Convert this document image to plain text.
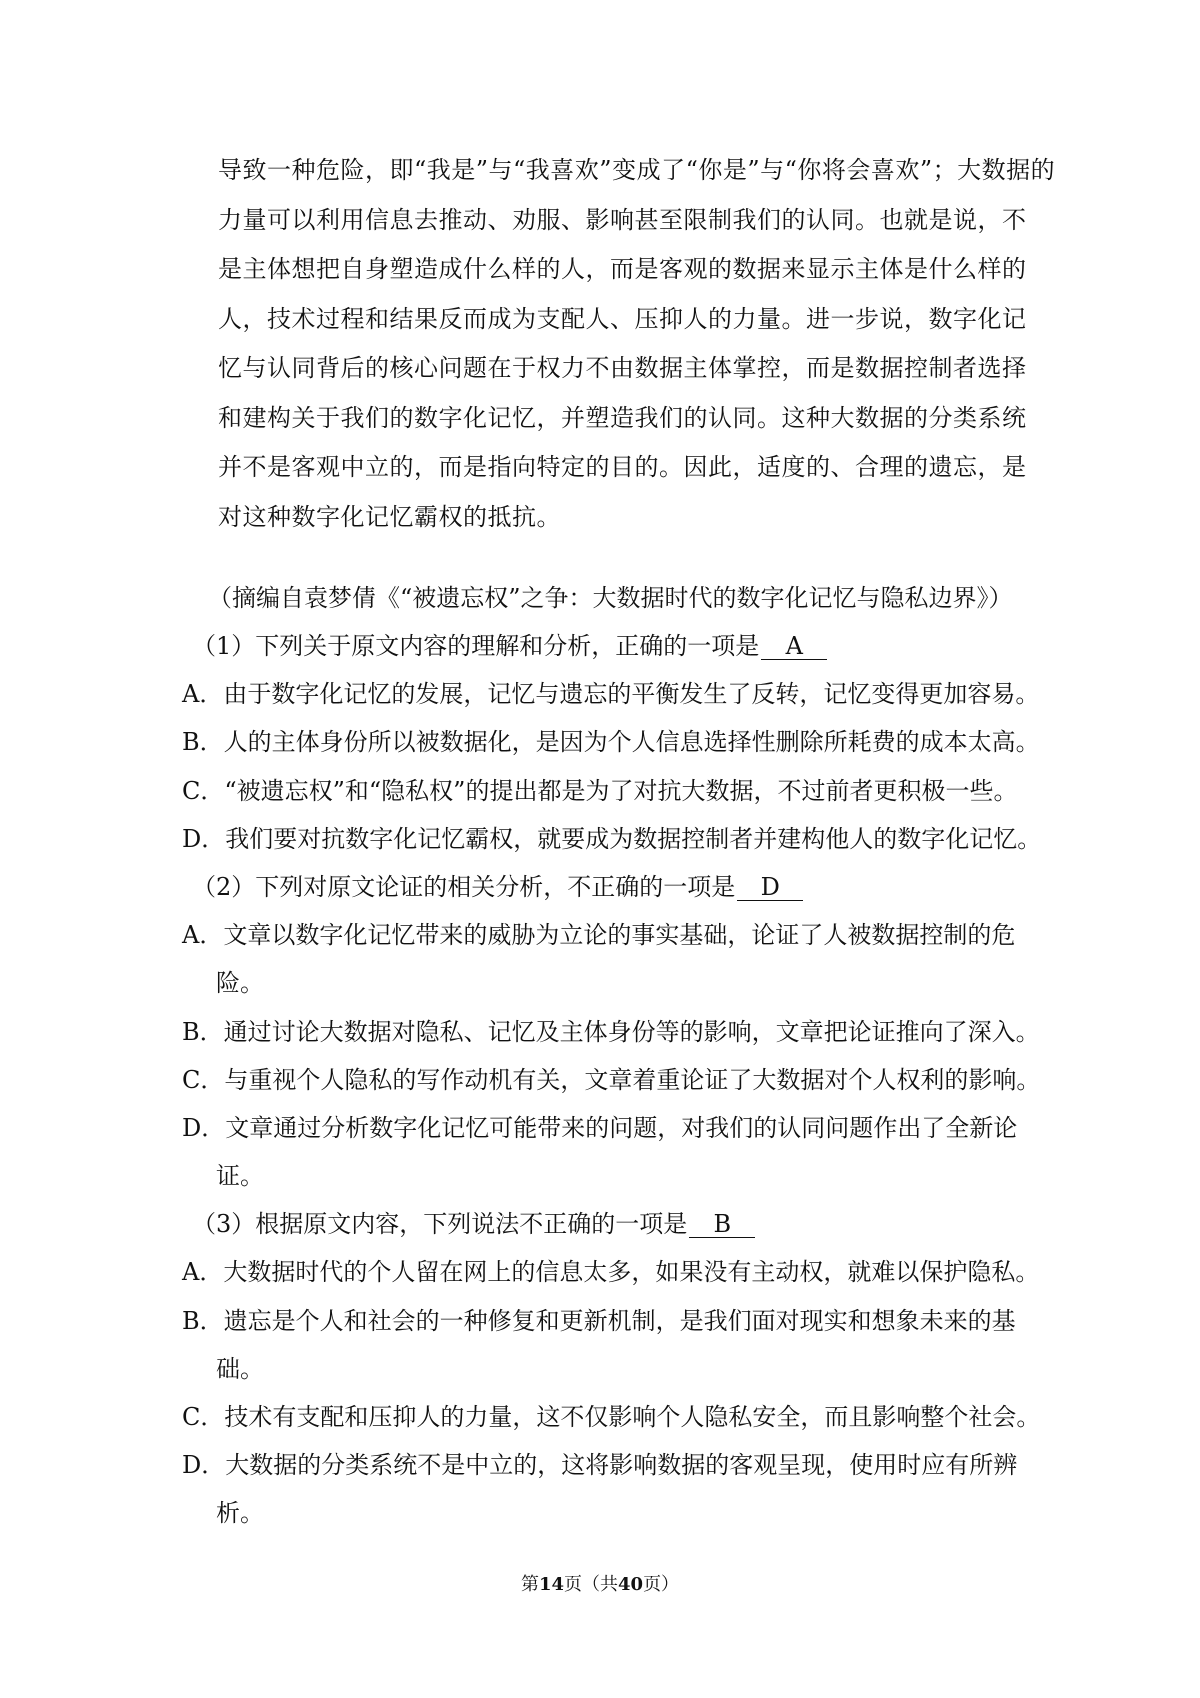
导致一种危险，即“我是”与“我喜欢”变成了“你是”与“你将会喜欢”；大数据的
力量可以利用信息去推动、劝服、影响甚至限制我们的认同。也就是说，不
是主体想把自身塑造成什么样的人，而是客观的数据来显示主体是什么样的
人，技术过程和结果反而成为支配人、压抑人的力量。进一步说，数字化记
忆与认同背后的核心问题在于权力不由数据主体掌控，而是数据控制者选择
和建构关于我们的数字化记忆，并塑造我们的认同。这种大数据的分类系统
并不是客观中立的，而是指向特定的目的。因此，适度的、合理的遗忘，是
对这种数字化记忆霸权的抵抗。
（摘编自袁梦倩《“被遗忘权”之争：大数据时代的数字化记忆与隐私边界》）
（1）下列关于原文内容的理解和分析，正确的一项是 A
A．由于数字化记忆的发展，记忆与遗忘的平衡发生了反转，记忆变得更加容易。
B．人的主体身份所以被数据化，是因为个人信息选择性删除所耗费的成本太高。
C．“被遗忘权”和“隐私权”的提出都是为了对抗大数据，不过前者更积极一些。
D．我们要对抗数字化记忆霸权，就要成为数据控制者并建构他人的数字化记忆。
（2）下列对原文论证的相关分析，不正确的一项是 D
A．文章以数字化记忆带来的威胁为立论的事实基础，论证了人被数据控制的危
险。
B．通过讨论大数据对隐私、记忆及主体身份等的影响，文章把论证推向了深入。
C．与重视个人隐私的写作动机有关，文章着重论证了大数据对个人权利的影响。
D．文章通过分析数字化记忆可能带来的问题，对我们的认同问题作出了全新论
证。
（3）根据原文内容，下列说法不正确的一项是 B
A．大数据时代的个人留在网上的信息太多，如果没有主动权，就难以保护隐私。
B．遗忘是个人和社会的一种修复和更新机制，是我们面对现实和想象未来的基
础。
C．技术有支配和压抑人的力量，这不仅影响个人隐私安全，而且影响整个社会。
D．大数据的分类系统不是中立的，这将影响数据的客观呈现，使用时应有所辨
析。
第14页（共40页）
